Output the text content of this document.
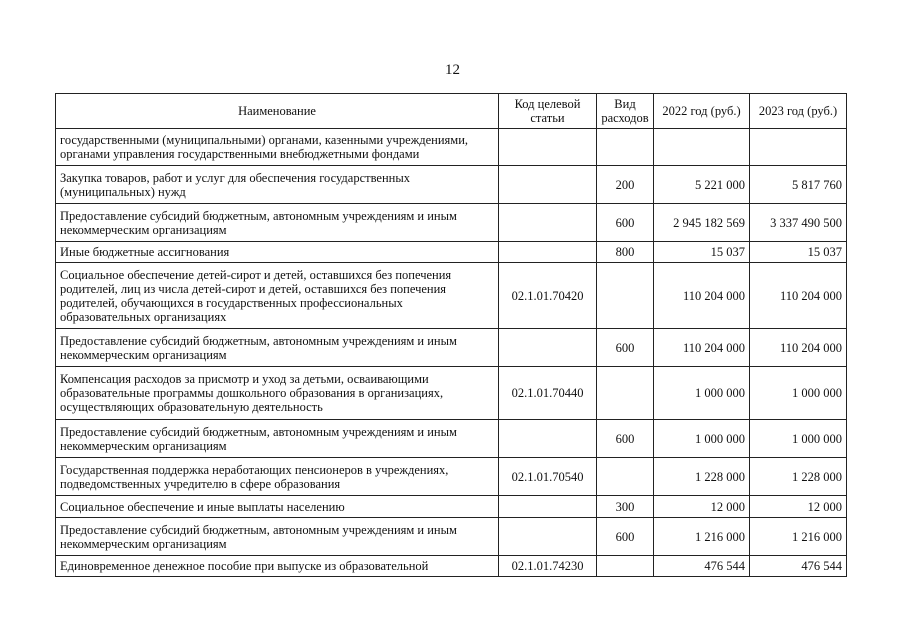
12
Наименование	Код целевой статьи	Вид расходов	2022 год (руб.)	2023 год (руб.)
государственными (муниципальными) органами, казенными учреждениями, органами управления государственными внебюджетными фондами				
Закупка товаров, работ и услуг для обеспечения государственных (муниципальных) нужд		200	5 221 000	5 817 760
Предоставление субсидий бюджетным, автономным учреждениям и иным некоммерческим организациям		600	2 945 182 569	3 337 490 500
Иные бюджетные ассигнования		800	15 037	15 037
Социальное обеспечение детей-сирот и детей, оставшихся без попечения родителей, лиц из числа детей-сирот и детей, оставшихся без попечения родителей, обучающихся в государственных профессиональных образовательных организациях	02.1.01.70420		110 204 000	110 204 000
Предоставление субсидий бюджетным, автономным учреждениям и иным некоммерческим организациям		600	110 204 000	110 204 000
Компенсация расходов за присмотр и уход за детьми, осваивающими образовательные программы дошкольного образования в организациях, осуществляющих образовательную деятельность	02.1.01.70440		1 000 000	1 000 000
Предоставление субсидий бюджетным, автономным учреждениям и иным некоммерческим организациям		600	1 000 000	1 000 000
Государственная поддержка неработающих пенсионеров в учреждениях, подведомственных учредителю в сфере образования	02.1.01.70540		1 228 000	1 228 000
Социальное обеспечение и иные выплаты населению		300	12 000	12 000
Предоставление субсидий бюджетным, автономным учреждениям и иным некоммерческим организациям		600	1 216 000	1 216 000
Единовременное денежное пособие при выпуске из образовательной	02.1.01.74230		476 544	476 544
